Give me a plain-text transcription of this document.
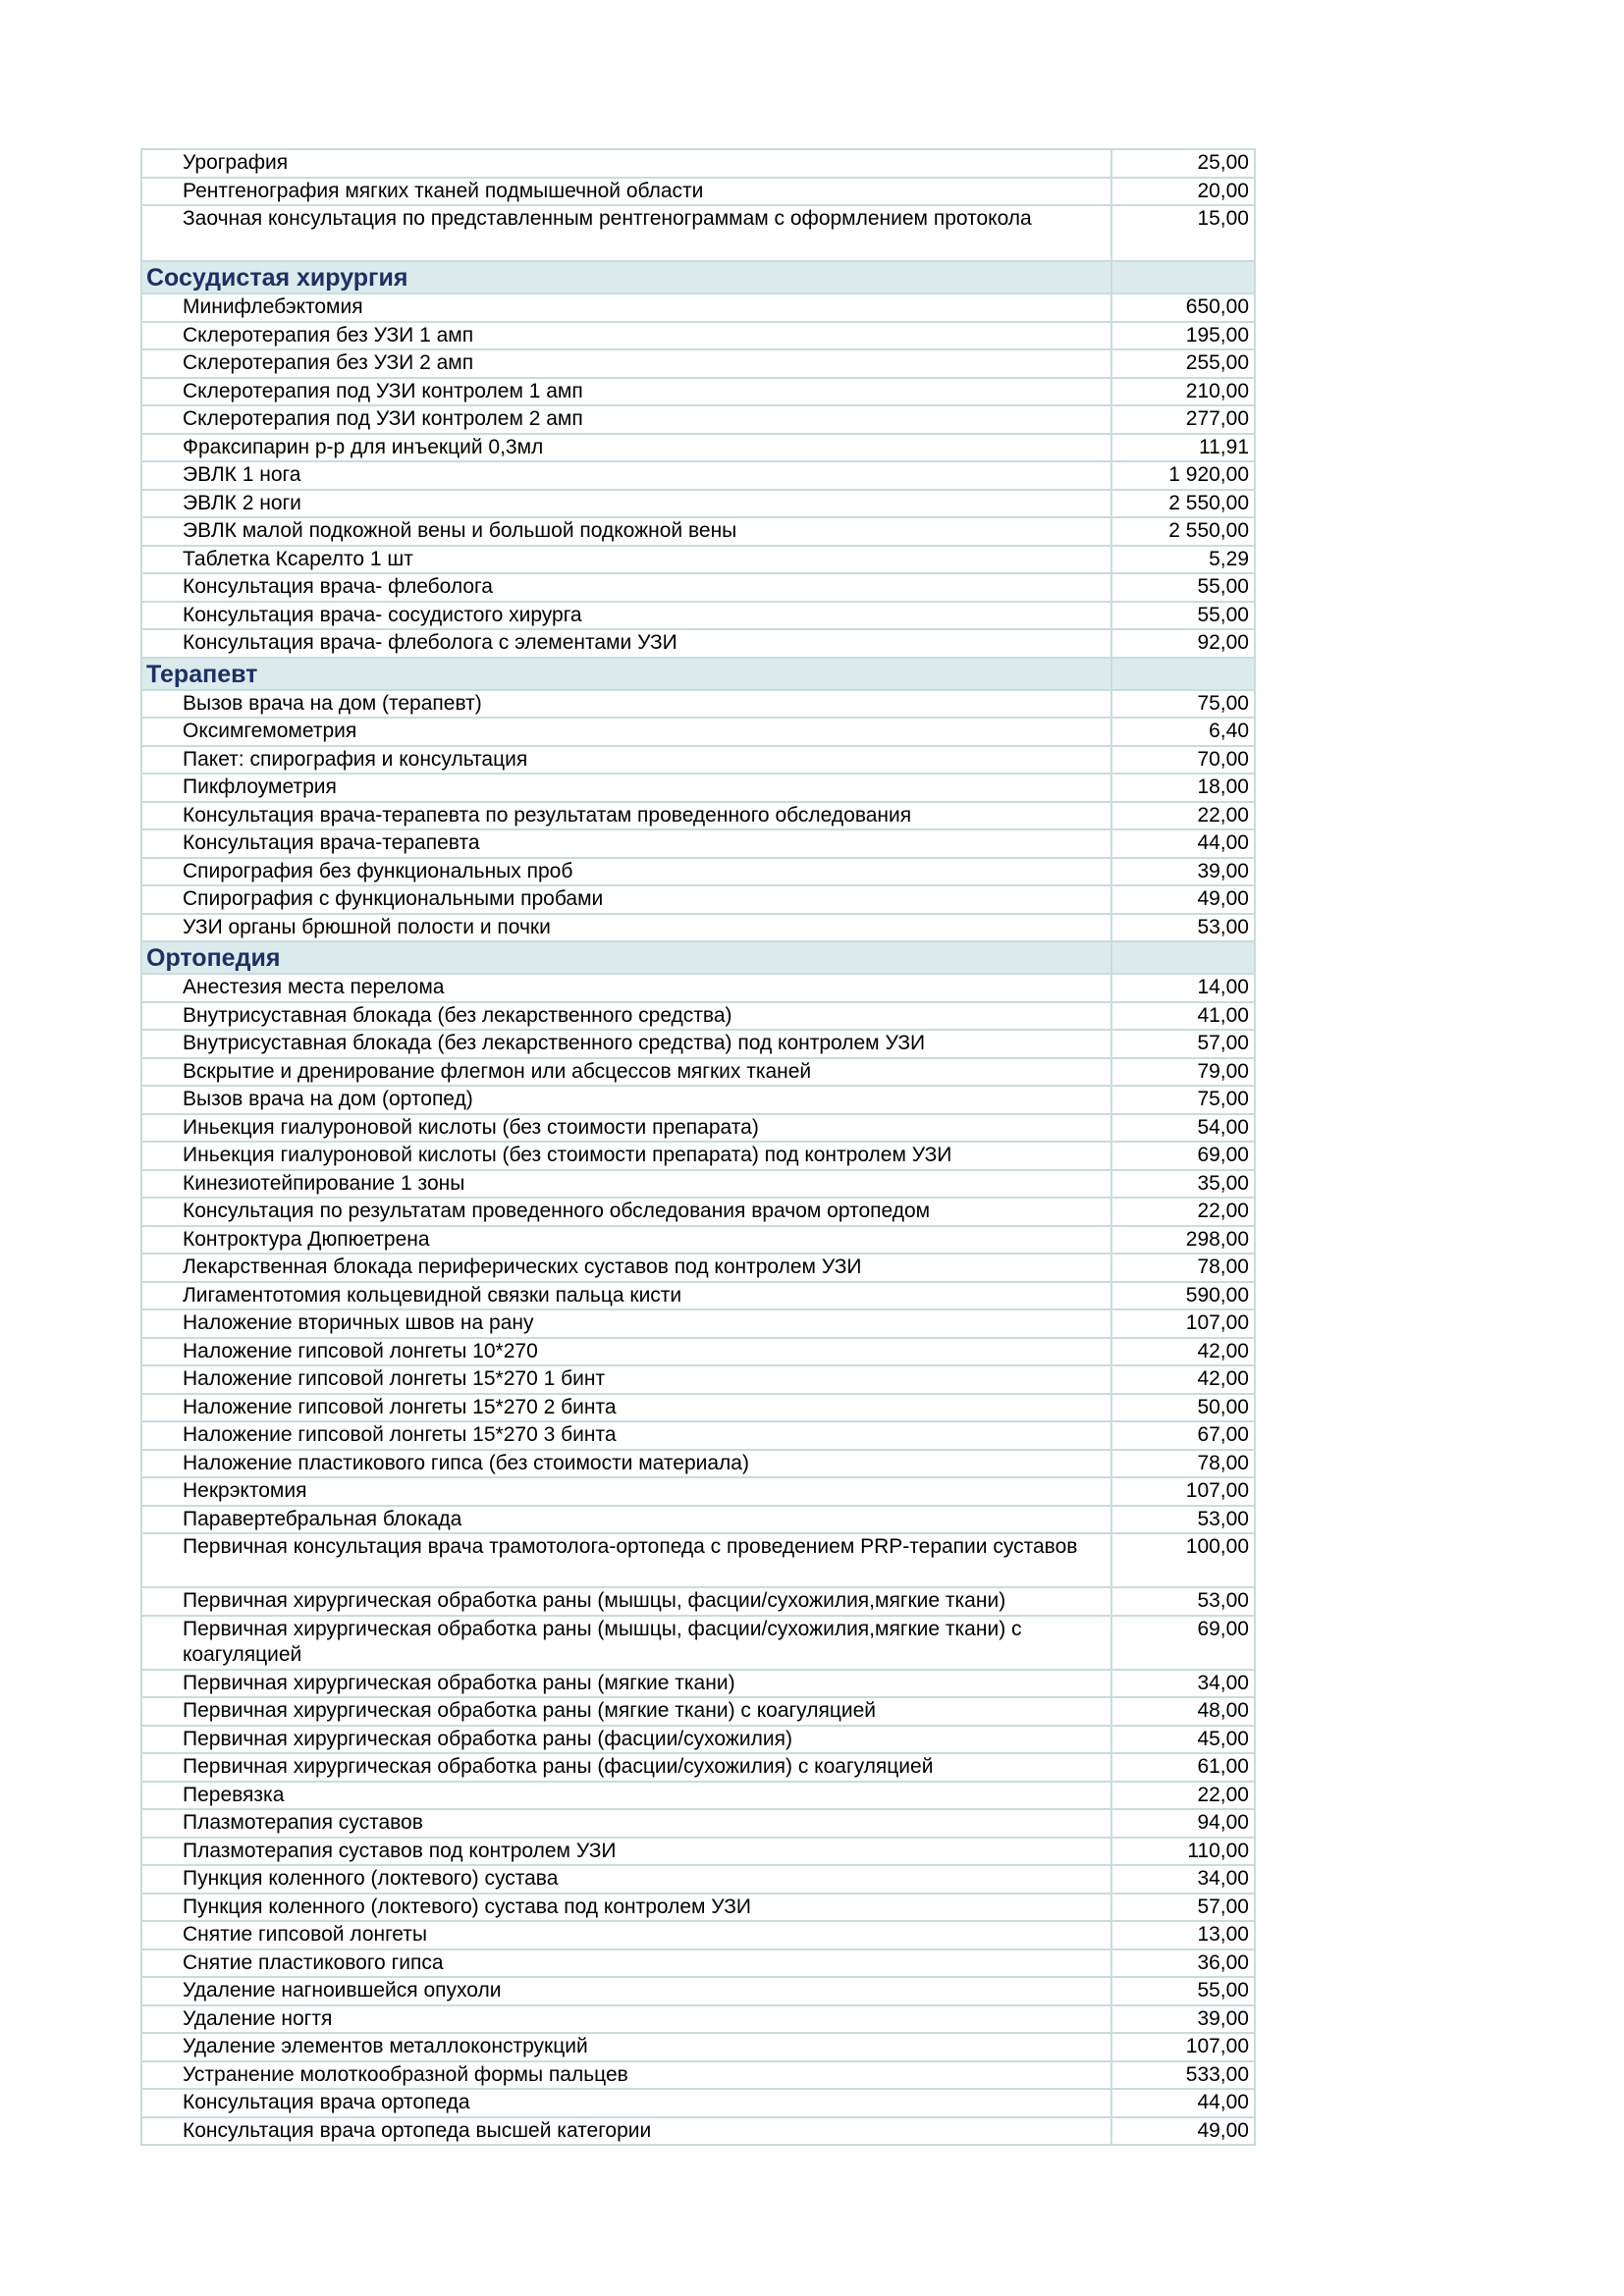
Урография	25,00
Рентгенография мягких тканей подмышечной области	20,00
Заочная консультация по представленным рентгенограммам с оформлением протокола	15,00
Сосудистая хирургия	
Минифлебэктомия	650,00
Склеротерапия без УЗИ 1 амп	195,00
Склеротерапия без УЗИ 2 амп	255,00
Склеротерапия под УЗИ контролем 1 амп	210,00
Склеротерапия под УЗИ контролем 2 амп	277,00
Фраксипарин р-р для инъекций 0,3мл	11,91
ЭВЛК 1 нога	1 920,00
ЭВЛК 2 ноги	2 550,00
ЭВЛК малой подкожной вены и большой подкожной вены	2 550,00
Таблетка Ксарелто 1 шт	5,29
Консультация врача- флеболога	55,00
Консультация врача- сосудистого хирурга	55,00
Консультация врача- флеболога с элементами УЗИ	92,00
Терапевт	
Вызов врача на дом (терапевт)	75,00
Оксимгемометрия	6,40
Пакет: спирография и консультация	70,00
Пикфлоуметрия	18,00
Консультация врача-терапевта по результатам проведенного обследования	22,00
Консультация врача-терапевта	44,00
Спирография без функциональных проб	39,00
Спирография с функциональными пробами	49,00
УЗИ органы брюшной полости и почки	53,00
Ортопедия	
Анестезия места перелома	14,00
Внутрисуставная блокада (без лекарственного средства)	41,00
Внутрисуставная блокада (без лекарственного средства) под контролем УЗИ	57,00
Вскрытие и дренирование флегмон или абсцессов мягких тканей	79,00
Вызов врача на дом (ортопед)	75,00
Иньекция гиалуроновой кислоты (без стоимости препарата)	54,00
Иньекция гиалуроновой кислоты (без стоимости препарата) под контролем УЗИ	69,00
Кинезиотейпирование 1 зоны	35,00
Консультация по результатам проведенного обследования врачом ортопедом	22,00
Контроктура Дюпюетрена	298,00
Лекарственная блокада периферических суставов под контролем УЗИ	78,00
Лигаментотомия кольцевидной связки пальца кисти	590,00
Наложение вторичных швов на рану	107,00
Наложение гипсовой лонгеты 10*270	42,00
Наложение гипсовой лонгеты 15*270 1 бинт	42,00
Наложение гипсовой лонгеты 15*270 2 бинта	50,00
Наложение гипсовой лонгеты 15*270 3 бинта	67,00
Наложение пластикового гипса (без стоимости материала)	78,00
Некрэктомия	107,00
Паравертебральная блокада	53,00
Первичная консультация врача трамотолога-ортопеда с проведением PRP-терапии суставов	100,00
Первичная хирургическая обработка раны (мышцы, фасции/сухожилия,мягкие ткани)	53,00
Первичная хирургическая обработка раны (мышцы, фасции/сухожилия,мягкие ткани) с коагуляцией	69,00
Первичная хирургическая обработка раны (мягкие ткани)	34,00
Первичная хирургическая обработка раны (мягкие ткани) с коагуляцией	48,00
Первичная хирургическая обработка раны (фасции/сухожилия)	45,00
Первичная хирургическая обработка раны (фасции/сухожилия) с коагуляцией	61,00
Перевязка	22,00
Плазмотерапия суставов	94,00
Плазмотерапия суставов под контролем УЗИ	110,00
Пункция коленного (локтевого) сустава	34,00
Пункция коленного (локтевого) сустава под контролем УЗИ	57,00
Снятие гипсовой лонгеты	13,00
Снятие пластикового гипса	36,00
Удаление нагноившейся опухоли	55,00
Удаление ногтя	39,00
Удаление элементов металлоконструкций	107,00
Устранение молоткообразной формы пальцев	533,00
Консультация врача ортопеда	44,00
Консультация врача ортопеда высшей категории	49,00
